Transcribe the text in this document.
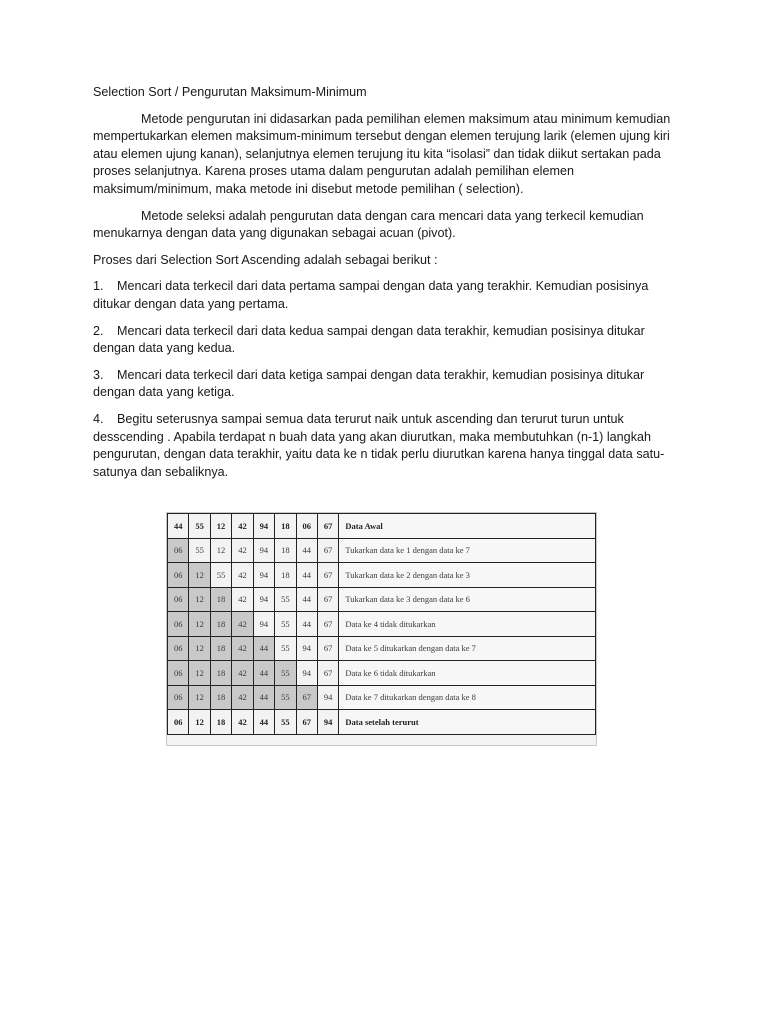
Selection Sort / Pengurutan Maksimum-Minimum

Metode pengurutan ini didasarkan pada pemilihan elemen maksimum atau minimum kemudian mempertukarkan elemen maksimum-minimum tersebut dengan elemen terujung larik (elemen ujung kiri atau elemen ujung kanan), selanjutnya elemen terujung itu kita “isolasi” dan tidak diikut sertakan pada proses selanjutnya. Karena proses utama dalam pengurutan adalah pemilihan elemen maksimum/minimum, maka metode ini disebut metode pemilihan ( selection).

Metode seleksi adalah pengurutan data dengan cara mencari data yang terkecil kemudian menukarnya dengan data yang digunakan sebagai acuan (pivot).

Proses dari Selection Sort Ascending adalah sebagai berikut :

1. Mencari data terkecil dari data pertama sampai dengan data yang terakhir. Kemudian posisinya ditukar dengan data yang pertama.

2. Mencari data terkecil dari data kedua sampai dengan data terakhir, kemudian posisinya ditukar dengan data yang kedua.

3. Mencari data terkecil dari data ketiga sampai dengan data terakhir, kemudian posisinya ditukar dengan data yang ketiga.

4. Begitu seterusnya sampai semua data terurut naik untuk ascending dan terurut turun untuk desscending . Apabila terdapat n buah data yang akan diurutkan, maka membutuhkan (n-1) langkah pengurutan, dengan data terakhir, yaitu data ke n tidak perlu diurutkan karena hanya tinggal data satu-satunya dan sebaliknya.

44	55	12	42	94	18	06	67	Data Awal
06	55	12	42	94	18	44	67	Tukarkan data ke 1 dengan data ke 7
06	12	55	42	94	18	44	67	Tukarkan data ke 2 dengan data ke 3
06	12	18	42	94	55	44	67	Tukarkan data ke 3 dengan data ke 6
06	12	18	42	94	55	44	67	Data ke 4 tidak ditukarkan
06	12	18	42	44	55	94	67	Data ke 5 ditukarkan dengan data ke 7
06	12	18	42	44	55	94	67	Data ke 6 tidak ditukarkan
06	12	18	42	44	55	67	94	Data ke 7 ditukarkan dengan data ke 8
06	12	18	42	44	55	67	94	Data setelah terurut
